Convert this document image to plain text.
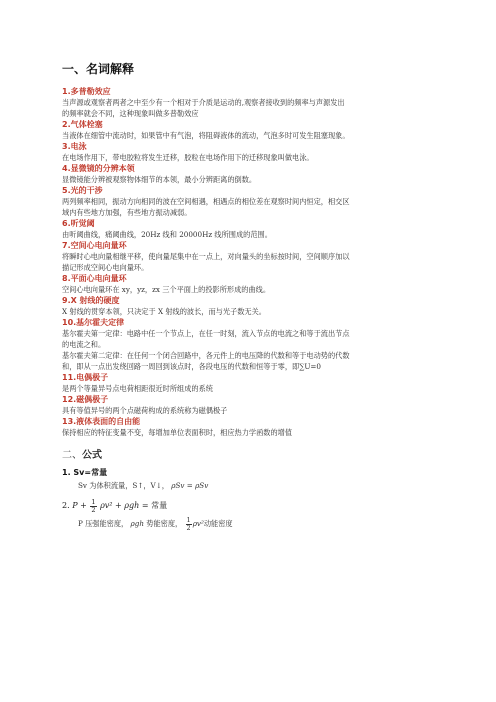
一、名词解释
1.多普勒效应
当声源或观察者两者之中至少有一个相对于介质是运动的,观察者接收到的频率与声源发出
的频率就会不同，这种现象叫做多普勒效应
2.气体栓塞
当液体在细管中流动时，如果管中有气泡，将阻碍液体的流动，气泡多时可发生阻塞现象。
3.电泳
在电场作用下，带电胶粒将发生迁移，胶粒在电场作用下的迁移现象叫做电泳。
4.显微镜的分辨本领
显微镜能分辨被观察物体细节的本领，最小分辨距离的倒数。
5.光的干涉
两列频率相同，振动方向相同的波在空间相遇，相遇点的相位差在观察时间内恒定，相交区
域内有些地方加强，有些地方振动减弱。
6.听觉阈
由听阈曲线，痛阈曲线，20Hz 线和 20000Hz 线所围成的范围。
7.空间心电向量环
将瞬时心电向量相继平移，使向量尾集中在一点上，对向量头的坐标按时间，空间顺序加以
描记形成空间心电向量环。
8.平面心电向量环
空间心电向量环在 xy，yz，zx 三个平面上的投影所形成的曲线。
9.X 射线的硬度
X 射线的贯穿本领，只决定于 X 射线的波长，而与光子数无关。
10.基尔霍夫定律
基尔霍夫第一定律：电路中任一个节点上，在任一时刻，流入节点的电流之和等于流出节点
的电流之和。
基尔霍夫第二定律：在任何一个闭合回路中，各元件上的电压降的代数和等于电动势的代数
和，即从一点出发绕回路一周回到该点时，各段电压的代数和恒等于零，即∑U=0
11.电偶极子
是两个等量异号点电荷相距很近时所组成的系统
12.磁偶极子
具有等值异号的两个点磁荷构成的系统称为磁偶极子
13.液体表面的自由能
保持相应的特征变量不变，每增加单位表面积时，相应热力学函数的增值
二、公式
1. Sv=常量
Sv 为体积流量，S↑，V↓， ρSv = ρSv
2. $P + \frac{1}{2} \rho v^2 + \rho gh$ = 常量
P 压强能密度， ρgh 势能密度， $\frac{1}{2} \rho v^2$动能密度
